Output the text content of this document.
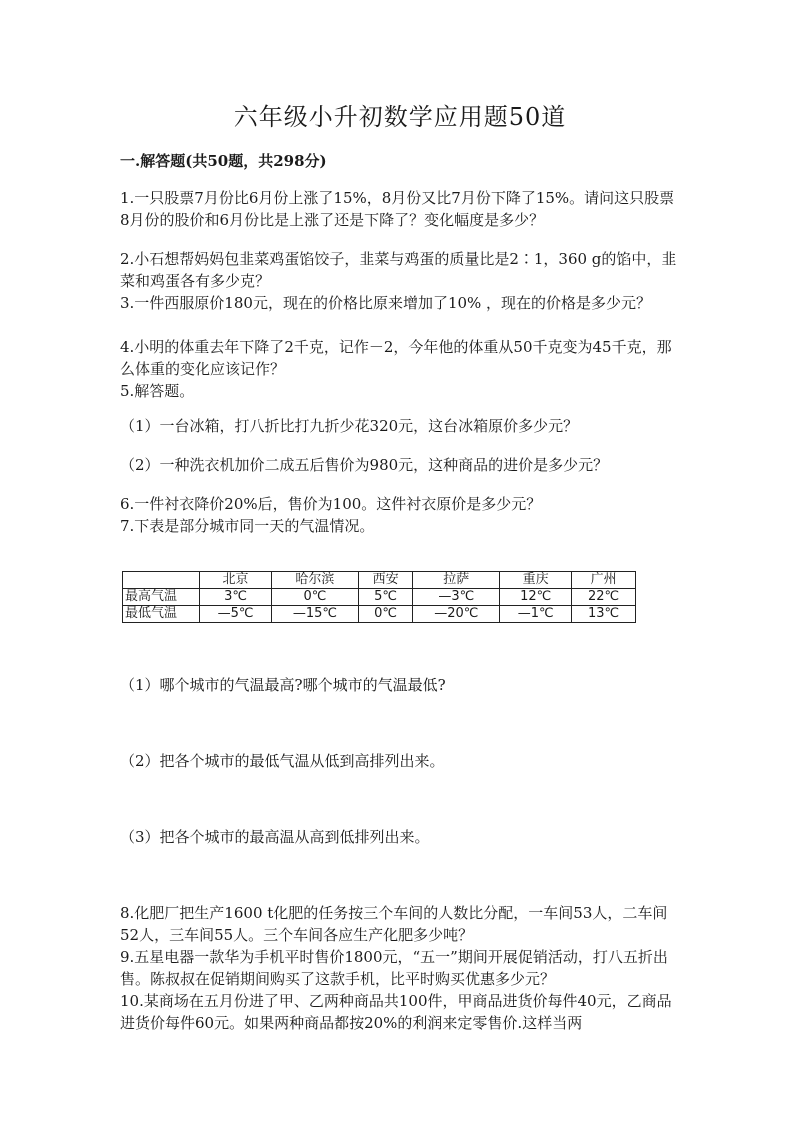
六年级小升初数学应用题50道
一.解答题(共50题，共298分)

1.一只股票7月份比6月份上涨了15%，8月份又比7月份下降了15%。请问这只股票8月份的股价和6月份比是上涨了还是下降了？变化幅度是多少？

2.小石想帮妈妈包韭菜鸡蛋馅饺子，韭菜与鸡蛋的质量比是2∶1，360 g的馅中，韭菜和鸡蛋各有多少克？

3.一件西服原价180元，现在的价格比原来增加了10% ，现在的价格是多少元？

4.小明的体重去年下降了2千克，记作－2，今年他的体重从50千克变为45千克，那么体重的变化应该记作？

5.解答题。

（1）一台冰箱，打八折比打九折少花320元，这台冰箱原价多少元？

（2）一种洗衣机加价二成五后售价为980元，这种商品的进价是多少元？

6.一件衬衣降价20%后，售价为100。这件衬衣原价是多少元？

7.下表是部分城市同一天的气温情况。

	北京	哈尔滨	西安	拉萨	重庆	广州
最高气温	3℃	0℃	5℃	—3℃	12℃	22℃
最低气温	—5℃	—15℃	0℃	—20℃	—1℃	13℃

（1）哪个城市的气温最高?哪个城市的气温最低?

（2）把各个城市的最低气温从低到高排列出来。

（3）把各个城市的最高温从高到低排列出来。

8.化肥厂把生产1600 t化肥的任务按三个车间的人数比分配，一车间53人，二车间52人，三车间55人。三个车间各应生产化肥多少吨？

9.五星电器一款华为手机平时售价1800元，“五一”期间开展促销活动，打八五折出售。陈叔叔在促销期间购买了这款手机，比平时购买优惠多少元？

10.某商场在五月份进了甲、乙两种商品共100件，甲商品进货价每件40元，乙商品进货价每件60元。如果两种商品都按20%的利润来定零售价.这样当两
